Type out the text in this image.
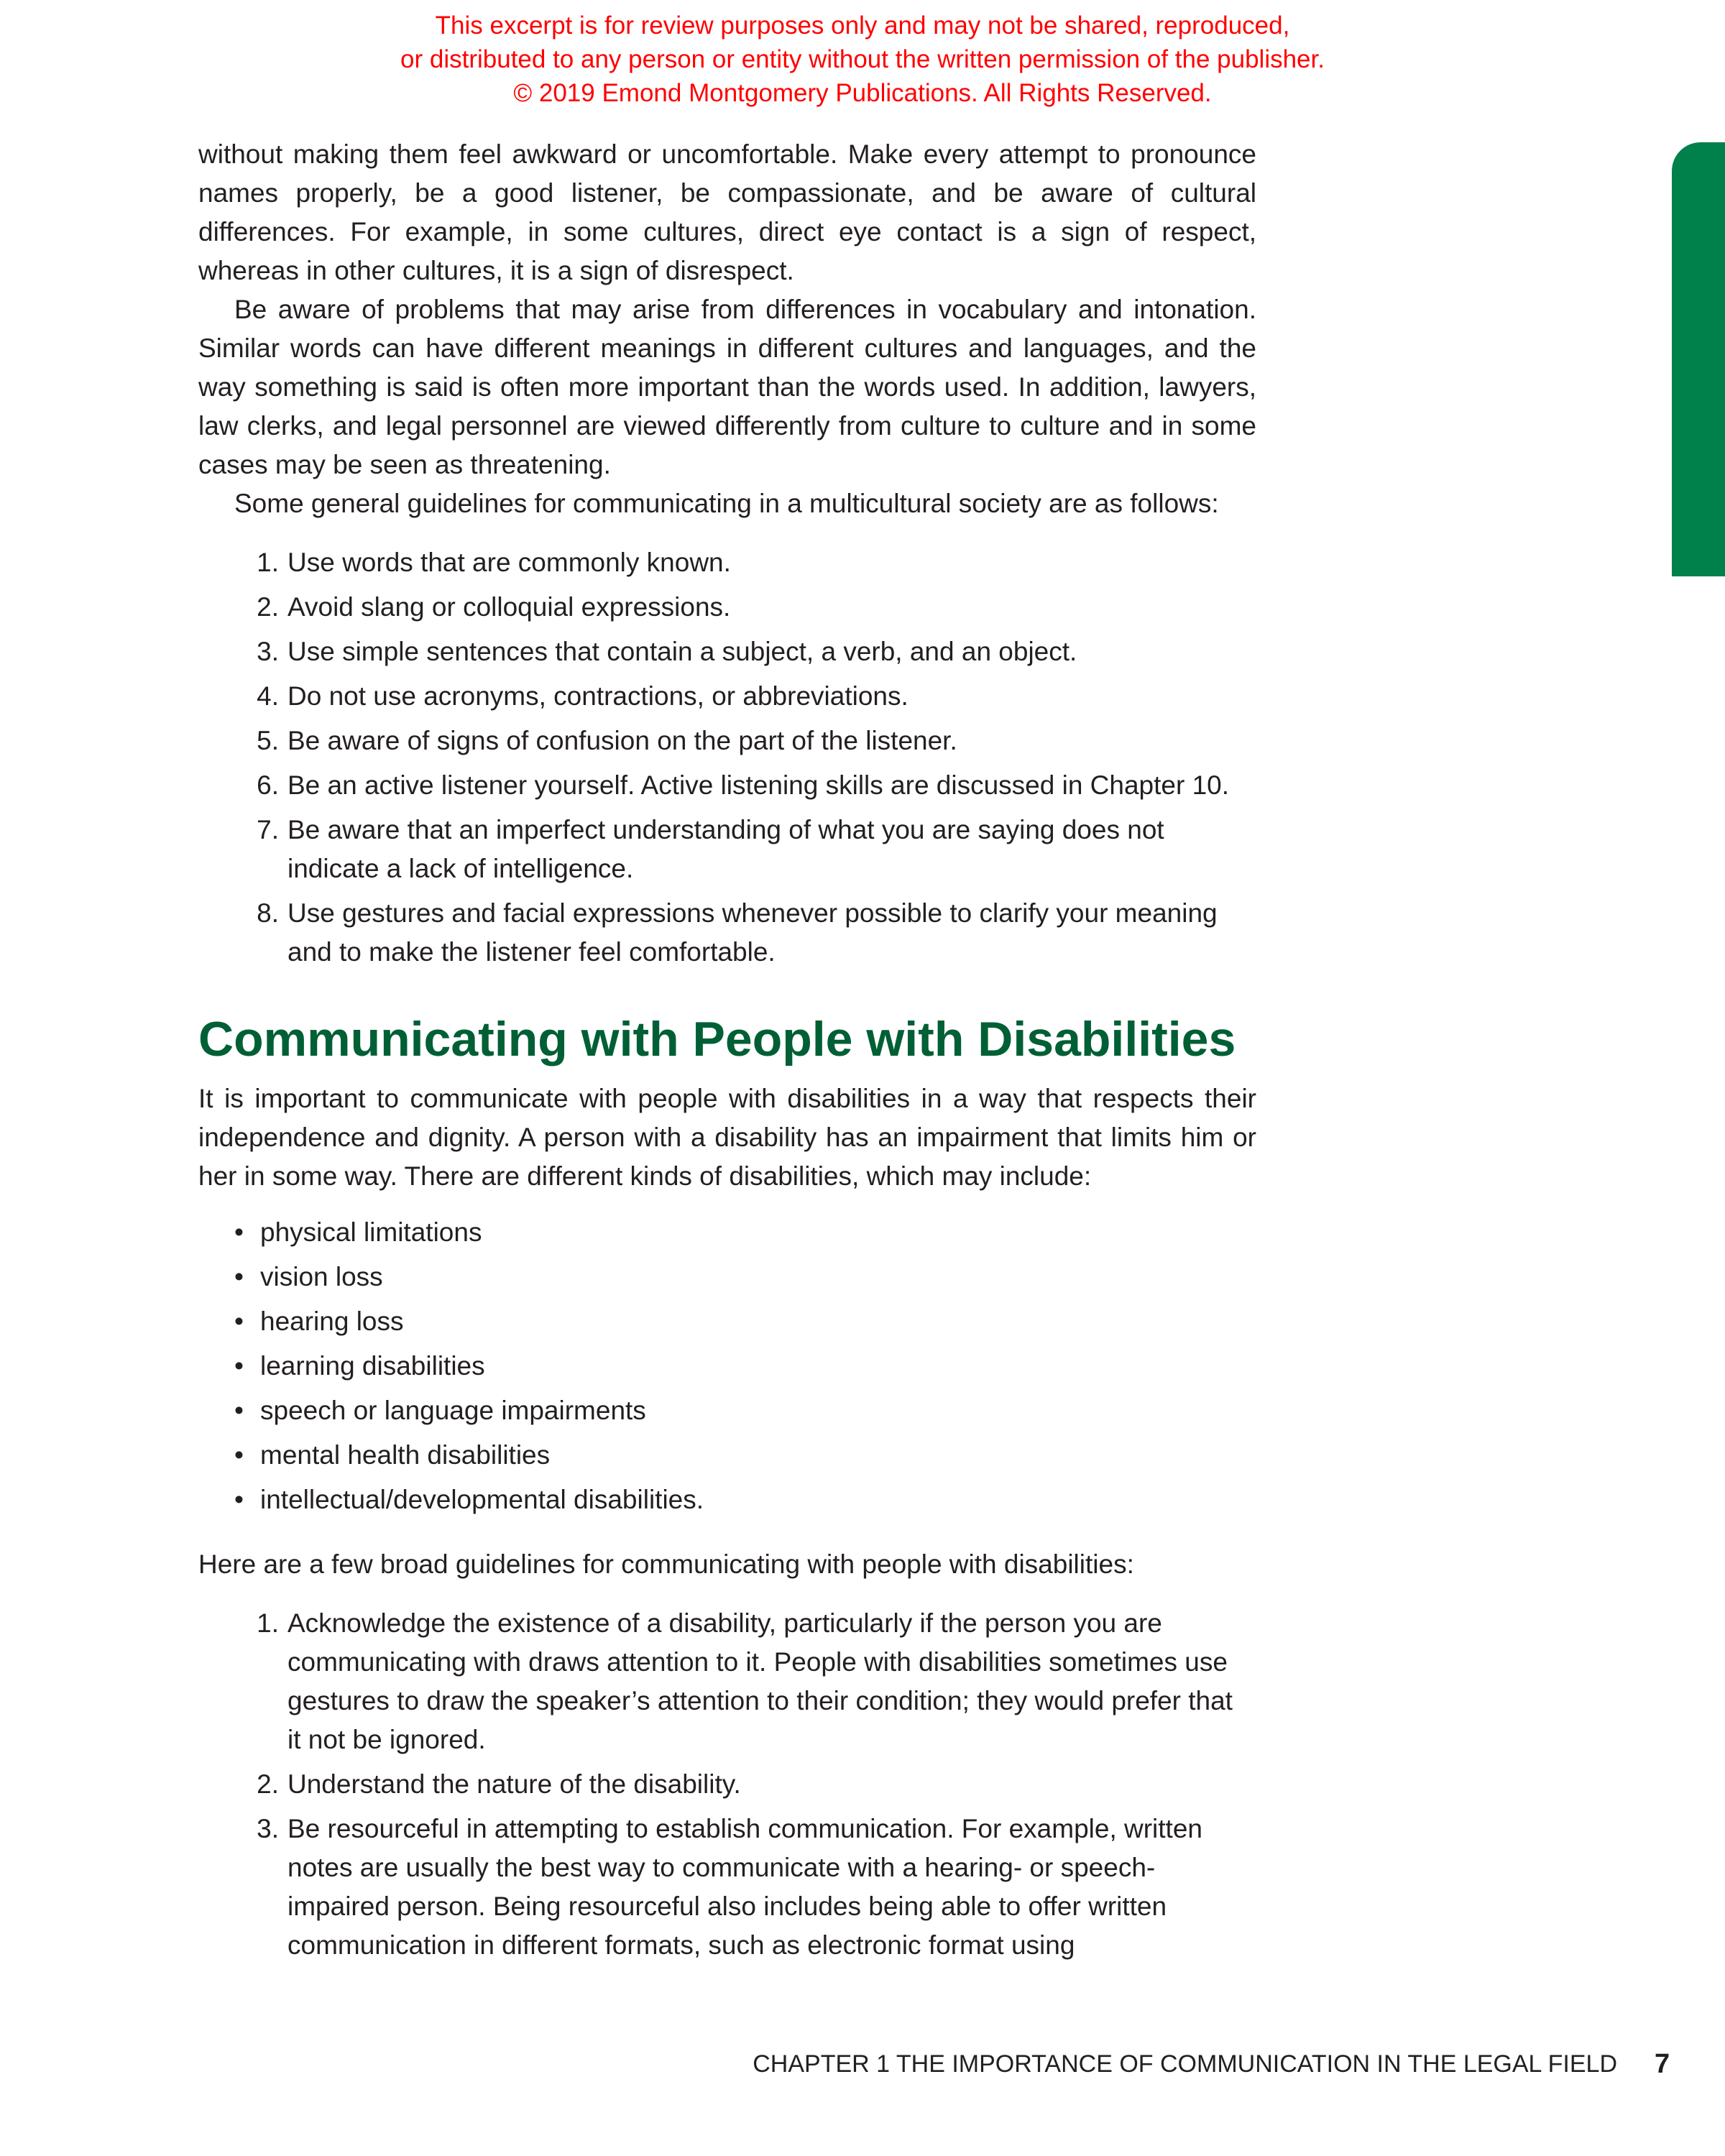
This excerpt is for review purposes only and may not be shared, reproduced,
or distributed to any person or entity without the written permission of the publisher.
© 2019 Emond Montgomery Publications. All Rights Reserved.

without making them feel awkward or uncomfortable. Make every attempt to pronounce names properly, be a good listener, be compassionate, and be aware of cultural differences. For example, in some cultures, direct eye contact is a sign of respect, whereas in other cultures, it is a sign of disrespect.

Be aware of problems that may arise from differences in vocabulary and intonation. Similar words can have different meanings in different cultures and languages, and the way something is said is often more important than the words used. In addition, lawyers, law clerks, and legal personnel are viewed differently from culture to culture and in some cases may be seen as threatening.

Some general guidelines for communicating in a multicultural society are as follows:

1. Use words that are commonly known.
2. Avoid slang or colloquial expressions.
3. Use simple sentences that contain a subject, a verb, and an object.
4. Do not use acronyms, contractions, or abbreviations.
5. Be aware of signs of confusion on the part of the listener.
6. Be an active listener yourself. Active listening skills are discussed in Chapter 10.
7. Be aware that an imperfect understanding of what you are saying does not indicate a lack of intelligence.
8. Use gestures and facial expressions whenever possible to clarify your meaning and to make the listener feel comfortable.
Communicating with People with Disabilities

It is important to communicate with people with disabilities in a way that respects their independence and dignity. A person with a disability has an impairment that limits him or her in some way. There are different kinds of disabilities, which may include:

• physical limitations
• vision loss
• hearing loss
• learning disabilities
• speech or language impairments
• mental health disabilities
• intellectual/developmental disabilities.

Here are a few broad guidelines for communicating with people with disabilities:

1. Acknowledge the existence of a disability, particularly if the person you are communicating with draws attention to it. People with disabilities sometimes use gestures to draw the speaker’s attention to their condition; they would prefer that it not be ignored.
2. Understand the nature of the disability.
3. Be resourceful in attempting to establish communication. For example, written notes are usually the best way to communicate with a hearing- or speech-impaired person. Being resourceful also includes being able to offer written communication in different formats, such as electronic format using
CHAPTER 1 THE IMPORTANCE OF COMMUNICATION IN THE LEGAL FIELD 7
